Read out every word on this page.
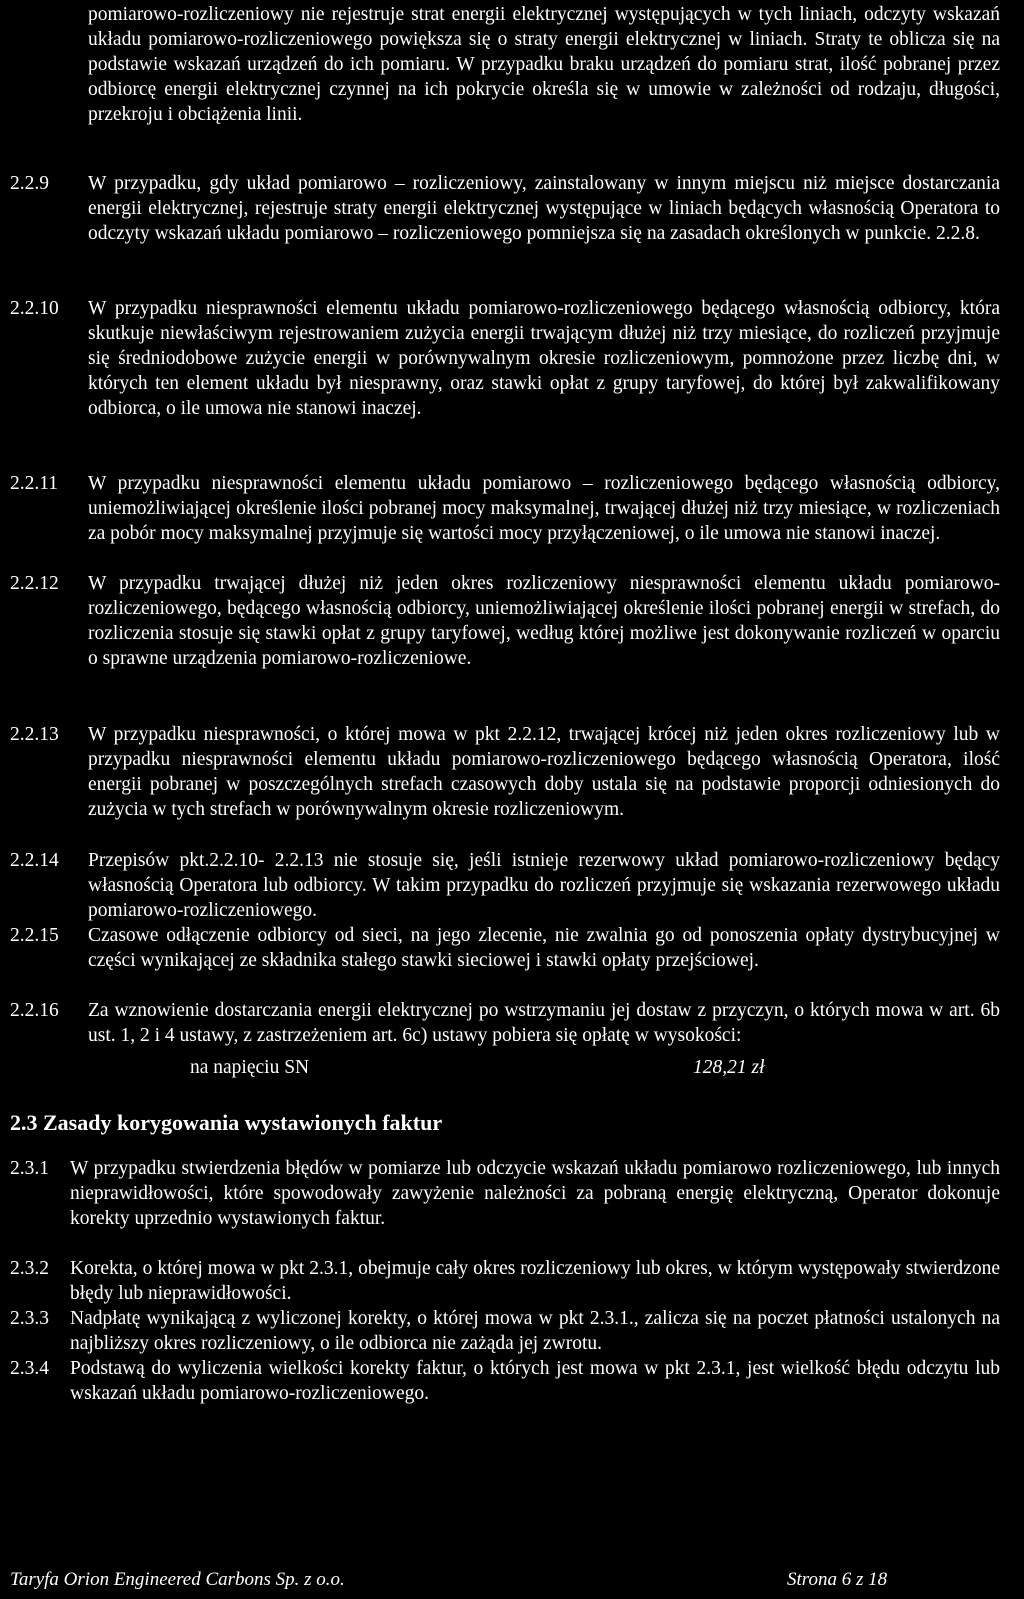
pomiarowo-rozliczeniowy nie rejestruje strat energii elektrycznej występujących w tych liniach, odczyty wskazań układu pomiarowo-rozliczeniowego powiększa się o straty energii elektrycznej w liniach. Straty te oblicza się na podstawie wskazań urządzeń do ich pomiaru. W przypadku braku urządzeń do pomiaru strat, ilość pobranej przez odbiorcę energii elektrycznej czynnej na ich pokrycie określa się w umowie w zależności od rodzaju, długości, przekroju i obciążenia linii.
2.2.9	W przypadku, gdy układ pomiarowo – rozliczeniowy, zainstalowany w innym miejscu niż miejsce dostarczania energii elektrycznej, rejestruje straty energii elektrycznej występujące w liniach będących własnością Operatora to odczyty wskazań układu pomiarowo – rozliczeniowego pomniejsza się na zasadach określonych w punkcie. 2.2.8.
2.2.10	W przypadku niesprawności elementu układu pomiarowo-rozliczeniowego będącego własnością odbiorcy, która skutkuje niewłaściwym rejestrowaniem zużycia energii trwającym dłużej niż trzy miesiące, do rozliczeń przyjmuje się średniodobowe zużycie energii w porównywalnym okresie rozliczeniowym, pomnożone przez liczbę dni, w których ten element układu był niesprawny, oraz stawki opłat z grupy taryfowej, do której był zakwalifikowany odbiorca, o ile umowa nie stanowi inaczej.
2.2.11	W przypadku niesprawności elementu układu pomiarowo – rozliczeniowego będącego własnością odbiorcy, uniemożliwiającej określenie ilości pobranej mocy maksymalnej, trwającej dłużej niż trzy miesiące, w rozliczeniach za pobór mocy maksymalnej przyjmuje się wartości mocy przyłączeniowej, o ile umowa nie stanowi inaczej.
2.2.12	W przypadku trwającej dłużej niż jeden okres rozliczeniowy niesprawności elementu układu pomiarowo-rozliczeniowego, będącego własnością odbiorcy, uniemożliwiającej określenie ilości pobranej energii w strefach, do rozliczenia stosuje się stawki opłat z grupy taryfowej, według której możliwe jest dokonywanie rozliczeń w oparciu o sprawne urządzenia pomiarowo-rozliczeniowe.
2.2.13	W przypadku niesprawności, o której mowa w pkt 2.2.12, trwającej krócej niż jeden okres rozliczeniowy lub w przypadku niesprawności elementu układu pomiarowo-rozliczeniowego będącego własnością Operatora, ilość energii pobranej w poszczególnych strefach czasowych doby ustala się na podstawie proporcji odniesionych do zużycia w tych strefach w porównywalnym okresie rozliczeniowym.
2.2.14	Przepisów pkt.2.2.10- 2.2.13 nie stosuje się, jeśli istnieje rezerwowy układ pomiarowo-rozliczeniowy będący własnością Operatora lub odbiorcy. W takim przypadku do rozliczeń przyjmuje się wskazania rezerwowego układu pomiarowo-rozliczeniowego.
2.2.15	Czasowe odłączenie odbiorcy od sieci, na jego zlecenie, nie zwalnia go od ponoszenia opłaty dystrybucyjnej w części wynikającej ze składnika stałego stawki sieciowej i stawki opłaty przejściowej.
2.2.16	Za wznowienie dostarczania energii elektrycznej po wstrzymaniu jej dostaw z przyczyn, o których mowa w art. 6b ust. 1, 2 i 4 ustawy, z zastrzeżeniem art. 6c) ustawy pobiera się opłatę w wysokości:
na napięciu SN	128,21 zł
2.3 Zasady korygowania wystawionych faktur
2.3.1	W przypadku stwierdzenia błędów w pomiarze lub odczycie wskazań układu pomiarowo rozliczeniowego, lub innych nieprawidłowości, które spowodowały zawyżenie należności za pobraną energię elektryczną, Operator dokonuje korekty uprzednio wystawionych faktur.
2.3.2	Korekta, o której mowa w pkt 2.3.1, obejmuje cały okres rozliczeniowy lub okres, w którym występowały stwierdzone błędy lub nieprawidłowości.
2.3.3	Nadpłatę wynikającą z wyliczonej korekty, o której mowa w pkt 2.3.1., zalicza się na poczet płatności ustalonych na najbliższy okres rozliczeniowy, o ile odbiorca nie zażąda jej zwrotu.
2.3.4	Podstawą do wyliczenia wielkości korekty faktur, o których jest mowa w pkt 2.3.1, jest wielkość błędu odczytu lub wskazań układu pomiarowo-rozliczeniowego.
Taryfa Orion Engineered Carbons Sp. z o.o.	Strona 6 z 18
